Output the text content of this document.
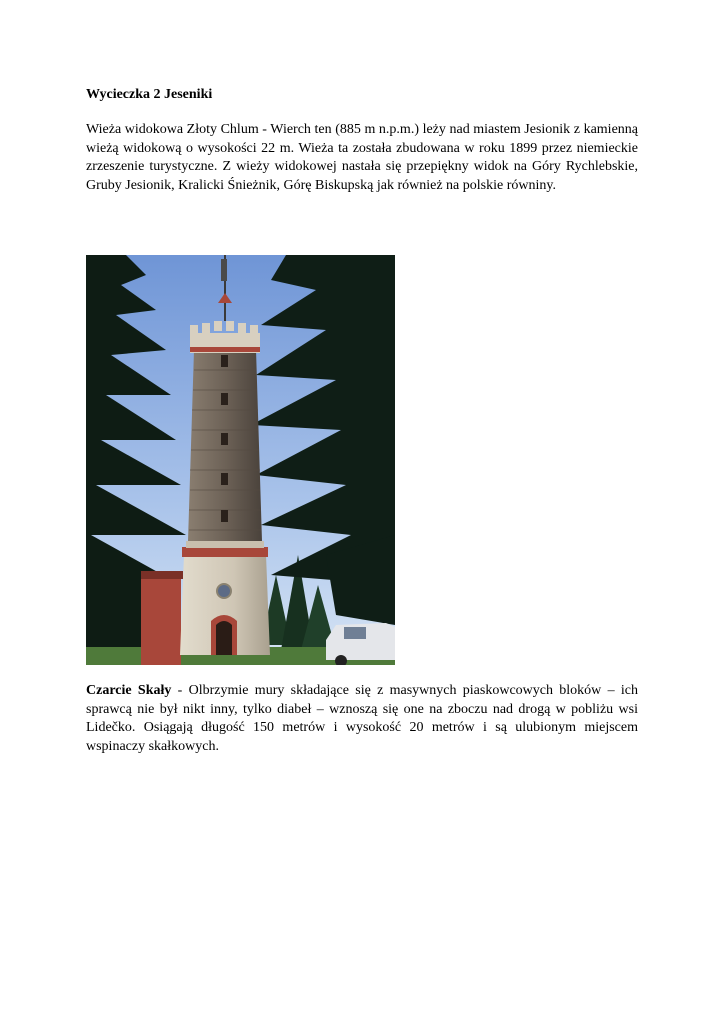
Wycieczka 2 Jeseniki
Wieża widokowa Złoty Chlum - Wierch ten (885 m n.p.m.) leży nad miastem Jesionik z kamienną wieżą widokową o wysokości 22 m. Wieża ta została zbudowana w roku 1899 przez niemieckie zrzeszenie turystyczne. Z wieży widokowej nastała się przepiękny widok na Góry Rychlebskie, Gruby Jesionik, Kralicki Śnieżnik, Górę Biskupską jak również na polskie równiny.
Czarcie Skały - Olbrzymie mury składające się z masywnych piaskowcowych bloków – ich sprawcą nie był nikt inny, tylko diabeł – wznoszą się one na zboczu nad drogą w pobliżu wsi Lidečko. Osiągają długość 150 metrów i wysokość 20 metrów i są ulubionym miejscem wspinaczy skałkowych.
